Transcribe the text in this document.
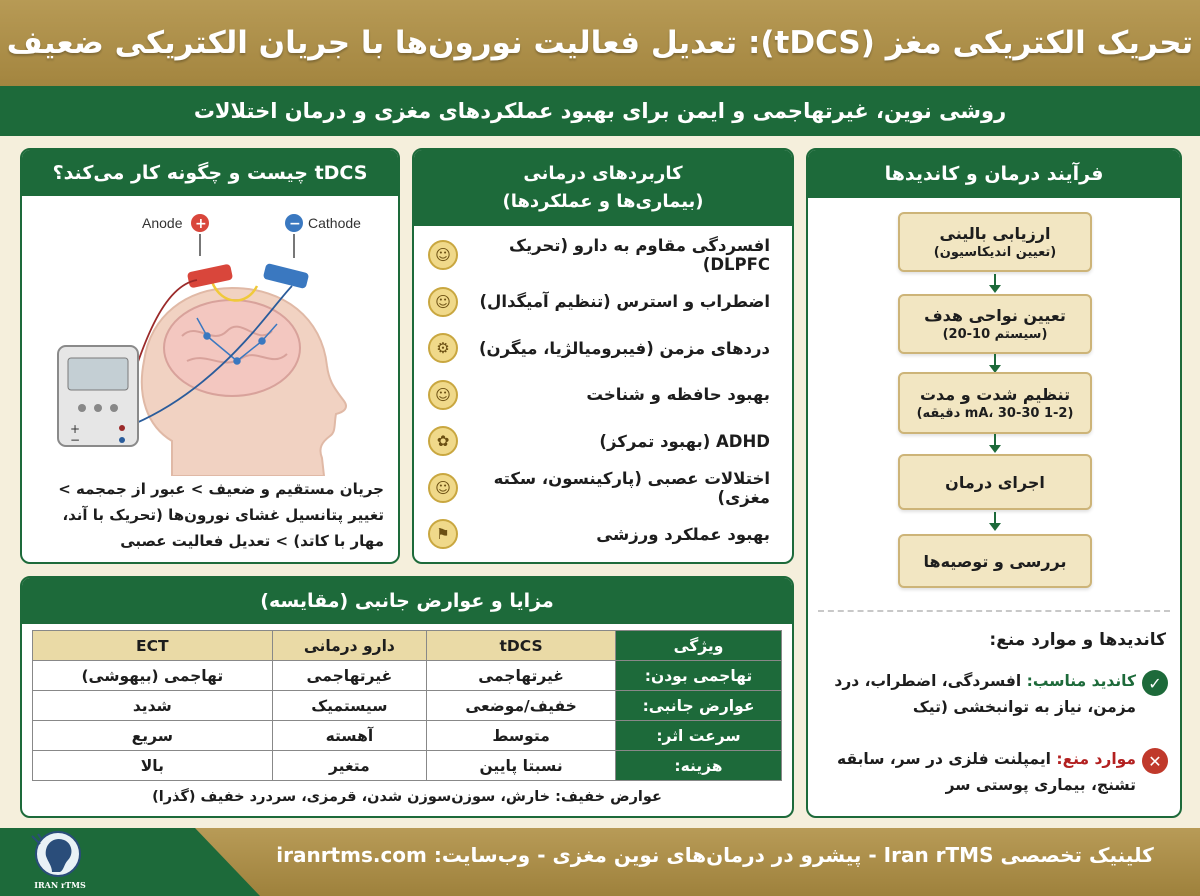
تحریک الکتریکی مغز (tDCS): تعدیل فعالیت نورون‌ها با جریان الکتریکی ضعیف
روشی نوین، غیرتهاجمی و ایمن برای بهبود عملکردهای مغزی و درمان اختلالات
tDCS چیست و چگونه کار می‌کند؟
Anode +	− Cathode
+
−

جریان مستقیم و ضعیف > عبور از جمجمه > تغییر پتانسیل غشای نورون‌ها (تحریک با آند، مهار با کاتد) > تعدیل فعالیت عصبی

کاربردهای درمانی
(بیماری‌ها و عملکردها)
☺	افسردگی مقاوم به دارو (تحریک DLPFC)
☺	اضطراب و استرس (تنظیم آمیگدال)
⚙	دردهای مزمن (فیبرومیالژیا، میگرن)
☺	بهبود حافظه و شناخت
✿	ADHD (بهبود تمرکز)
☺	اختلالات عصبی (پارکینسون، سکته مغزی)
⚑	بهبود عملکرد ورزشی
فرآیند درمان و کاندیدها
ارزیابی بالینی
(تعیین اندیکاسیون)
تعیین نواحی هدف
(سیستم 10-20)
تنظیم شدت و مدت
(1-2 mA، 30-30 دقیقه)
اجرای درمان
بررسی و توصیه‌ها
کاندیدها و موارد منع:
✓

کاندید مناسب: افسردگی، اضطراب، درد مزمن، نیاز به توانبخشی (تیک

✕

موارد منع: ایمپلنت فلزی در سر، سابقه تشنج، بیماری پوستی سر

مزایا و عوارض جانبی (مقایسه)
ویژگی	tDCS	دارو درمانی	ECT
تهاجمی بودن:	غیرتهاجمی	غیرتهاجمی	تهاجمی (بیهوشی)
عوارض جانبی:	خفیف/موضعی	سیستمیک	شدید
سرعت اثر:	متوسط	آهسته	سریع
هزینه:	نسبتا پایین	متغیر	بالا

عوارض خفیف: خارش، سوزن‌سوزن شدن، قرمزی، سردرد خفیف (گذرا)

IRAN rTMS
کلینیک تخصصی Iran rTMS - پیشرو در درمان‌های نوین مغزی - وب‌سایت: iranrtms.com
